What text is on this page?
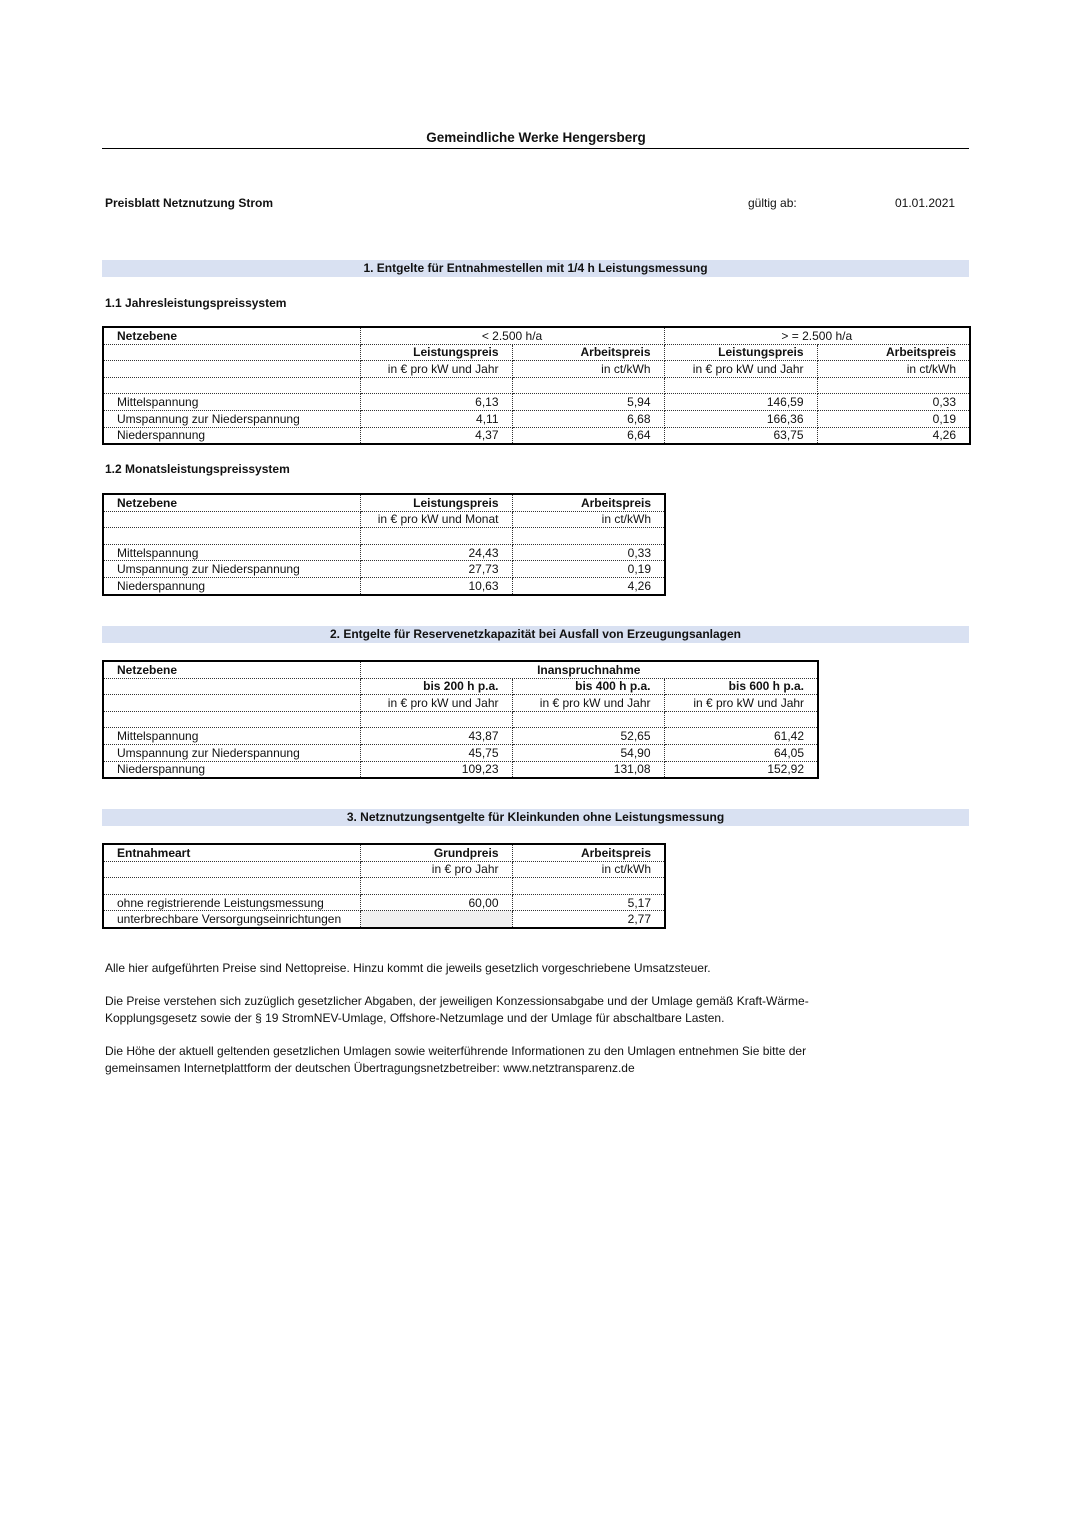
Gemeindliche Werke Hengersberg
Preisblatt Netznutzung Strom	gültig ab:	01.01.2021
1. Entgelte für Entnahmestellen mit 1/4 h Leistungsmessung
1.1 Jahresleistungspreissystem
Netzebene	< 2.500 h/a		> = 2.500 h/a	
	Leistungspreis	Arbeitspreis	Leistungspreis	Arbeitspreis
	in € pro kW und Jahr	in ct/kWh	in € pro kW und Jahr	in ct/kWh

Mittelspannung	6,13	5,94	146,59	0,33
Umspannung zur Niederspannung	4,11	6,68	166,36	0,19
Niederspannung	4,37	6,64	63,75	4,26
1.2 Monatsleistungspreissystem
Netzebene	Leistungspreis	Arbeitspreis
	in € pro kW und Monat	in ct/kWh

Mittelspannung	24,43	0,33
Umspannung zur Niederspannung	27,73	0,19
Niederspannung	10,63	4,26
2. Entgelte für Reservenetzkapazität bei Ausfall von Erzeugungsanlagen
Netzebene	Inanspruchnahme		
	bis 200 h p.a.	bis 400 h p.a.	bis 600 h p.a.
	in € pro kW und Jahr	in € pro kW und Jahr	in € pro kW und Jahr

Mittelspannung	43,87	52,65	61,42
Umspannung zur Niederspannung	45,75	54,90	64,05
Niederspannung	109,23	131,08	152,92
3. Netznutzungsentgelte für Kleinkunden ohne Leistungsmessung
Entnahmeart	Grundpreis	Arbeitspreis
	in € pro Jahr	in ct/kWh

ohne registrierende Leistungsmessung	60,00	5,17
unterbrechbare Versorgungseinrichtungen		2,77
Alle hier aufgeführten Preise sind Nettopreise. Hinzu kommt die jeweils gesetzlich vorgeschriebene Umsatzsteuer.
Die Preise verstehen sich zuzüglich gesetzlicher Abgaben, der jeweiligen Konzessionsabgabe und der Umlage gemäß Kraft-Wärme-
Kopplungsgesetz sowie der § 19 StromNEV-Umlage, Offshore-Netzumlage und der Umlage für abschaltbare Lasten.
Die Höhe der aktuell geltenden gesetzlichen Umlagen sowie weiterführende Informationen zu den Umlagen entnehmen Sie bitte der
gemeinsamen Internetplattform der deutschen Übertragungsnetzbetreiber: www.netztransparenz.de
